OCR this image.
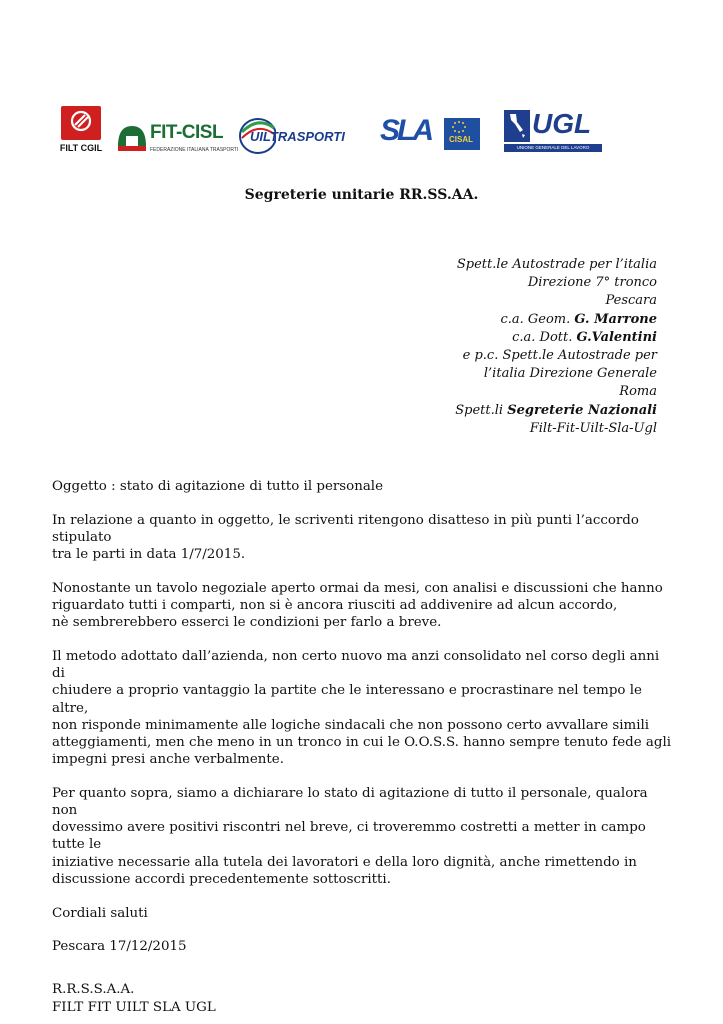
FILT CGIL
FIT-CISL
FEDERAZIONE ITALIANA TRASPORTI
UILTRASPORTI SLA CISAL
UGL
UNIONE GENERALE DEL LAVORO
Segreterie unitarie RR.SS.AA.
Spett.le Autostrade per l’italia
Direzione 7° tronco
Pescara
c.a. Geom. G. Marrone
c.a. Dott. G.Valentini
e p.c. Spett.le Autostrade per
l’italia Direzione Generale
Roma
Spett.li Segreterie Nazionali
Filt-Fit-Uilt-Sla-Ugl

Oggetto : stato di agitazione di tutto il personale

In relazione a quanto in oggetto, le scriventi ritengono disatteso in più punti l’accordo stipulato
tra le parti in data 1/7/2015.

Nonostante un tavolo negoziale aperto ormai da mesi, con analisi e discussioni che hanno
riguardato tutti i comparti, non si è ancora riusciti ad addivenire ad alcun accordo,
nè sembrerebbero esserci le condizioni per farlo a breve.

Il metodo adottato dall’azienda, non certo nuovo ma anzi consolidato nel corso degli anni di
chiudere a proprio vantaggio la partite che le interessano e procrastinare nel tempo le altre,
non risponde minimamente alle logiche sindacali che non possono certo avvallare simili
atteggiamenti, men che meno in un tronco in cui le O.O.S.S. hanno sempre tenuto fede agli
impegni presi anche verbalmente.

Per quanto sopra, siamo a dichiarare lo stato di agitazione di tutto il personale, qualora non
dovessimo avere positivi riscontri nel breve, ci troveremmo costretti a metter in campo tutte le
iniziative necessarie alla tutela dei lavoratori e della loro dignità, anche rimettendo in
discussione accordi precedentemente sottoscritti.

Cordiali saluti

Pescara 17/12/2015

R.R.S.S.A.A.
FILT FIT UILT SLA UGL
